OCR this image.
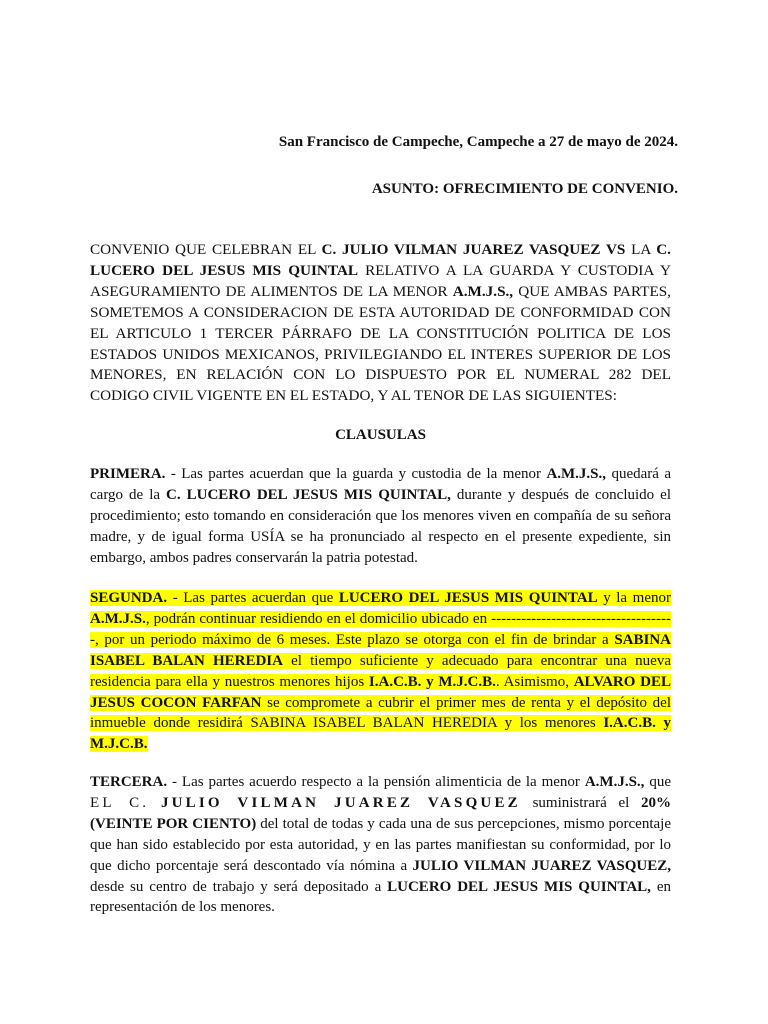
San Francisco de Campeche, Campeche a 27 de mayo de 2024.
ASUNTO: OFRECIMIENTO DE CONVENIO.

CONVENIO QUE CELEBRAN EL C. JULIO VILMAN JUAREZ VASQUEZ VS LA C. LUCERO DEL JESUS MIS QUINTAL RELATIVO A LA GUARDA Y CUSTODIA Y ASEGURAMIENTO DE ALIMENTOS DE LA MENOR A.M.J.S., QUE AMBAS PARTES, SOMETEMOS A CONSIDERACION DE ESTA AUTORIDAD DE CONFORMIDAD CON EL ARTICULO 1 TERCER PÁRRAFO DE LA CONSTITUCIÓN POLITICA DE LOS ESTADOS UNIDOS MEXICANOS, PRIVILEGIANDO EL INTERES SUPERIOR DE LOS MENORES, EN RELACIÓN CON LO DISPUESTO POR EL NUMERAL 282 DEL CODIGO CIVIL VIGENTE EN EL ESTADO, Y AL TENOR DE LAS SIGUIENTES:

CLAUSULAS

PRIMERA. - Las partes acuerdan que la guarda y custodia de la menor A.M.J.S., quedará a cargo de la C. LUCERO DEL JESUS MIS QUINTAL, durante y después de concluido el procedimiento; esto tomando en consideración que los menores viven en compañía de su señora madre, y de igual forma USÍA se ha pronunciado al respecto en el presente expediente, sin embargo, ambos padres conservarán la patria potestad.

SEGUNDA. - Las partes acuerdan que LUCERO DEL JESUS MIS QUINTAL y la menor A.M.J.S., podrán continuar residiendo en el domicilio ubicado en -------------------------------------, por un periodo máximo de 6 meses. Este plazo se otorga con el fin de brindar a SABINA ISABEL BALAN HEREDIA el tiempo suficiente y adecuado para encontrar una nueva residencia para ella y nuestros menores hijos I.A.C.B. y M.J.C.B.. Asimismo, ALVARO DEL JESUS COCON FARFAN se compromete a cubrir el primer mes de renta y el depósito del inmueble donde residirá SABINA ISABEL BALAN HEREDIA y los menores I.A.C.B. y M.J.C.B.

TERCERA. - Las partes acuerdo respecto a la pensión alimenticia de la menor A.M.J.S., que EL C. JULIO VILMAN JUAREZ VASQUEZ suministrará el 20% (VEINTE POR CIENTO) del total de todas y cada una de sus percepciones, mismo porcentaje que han sido establecido por esta autoridad, y en las partes manifiestan su conformidad, por lo que dicho porcentaje será descontado vía nómina a JULIO VILMAN JUAREZ VASQUEZ, desde su centro de trabajo y será depositado a LUCERO DEL JESUS MIS QUINTAL, en representación de los menores.
